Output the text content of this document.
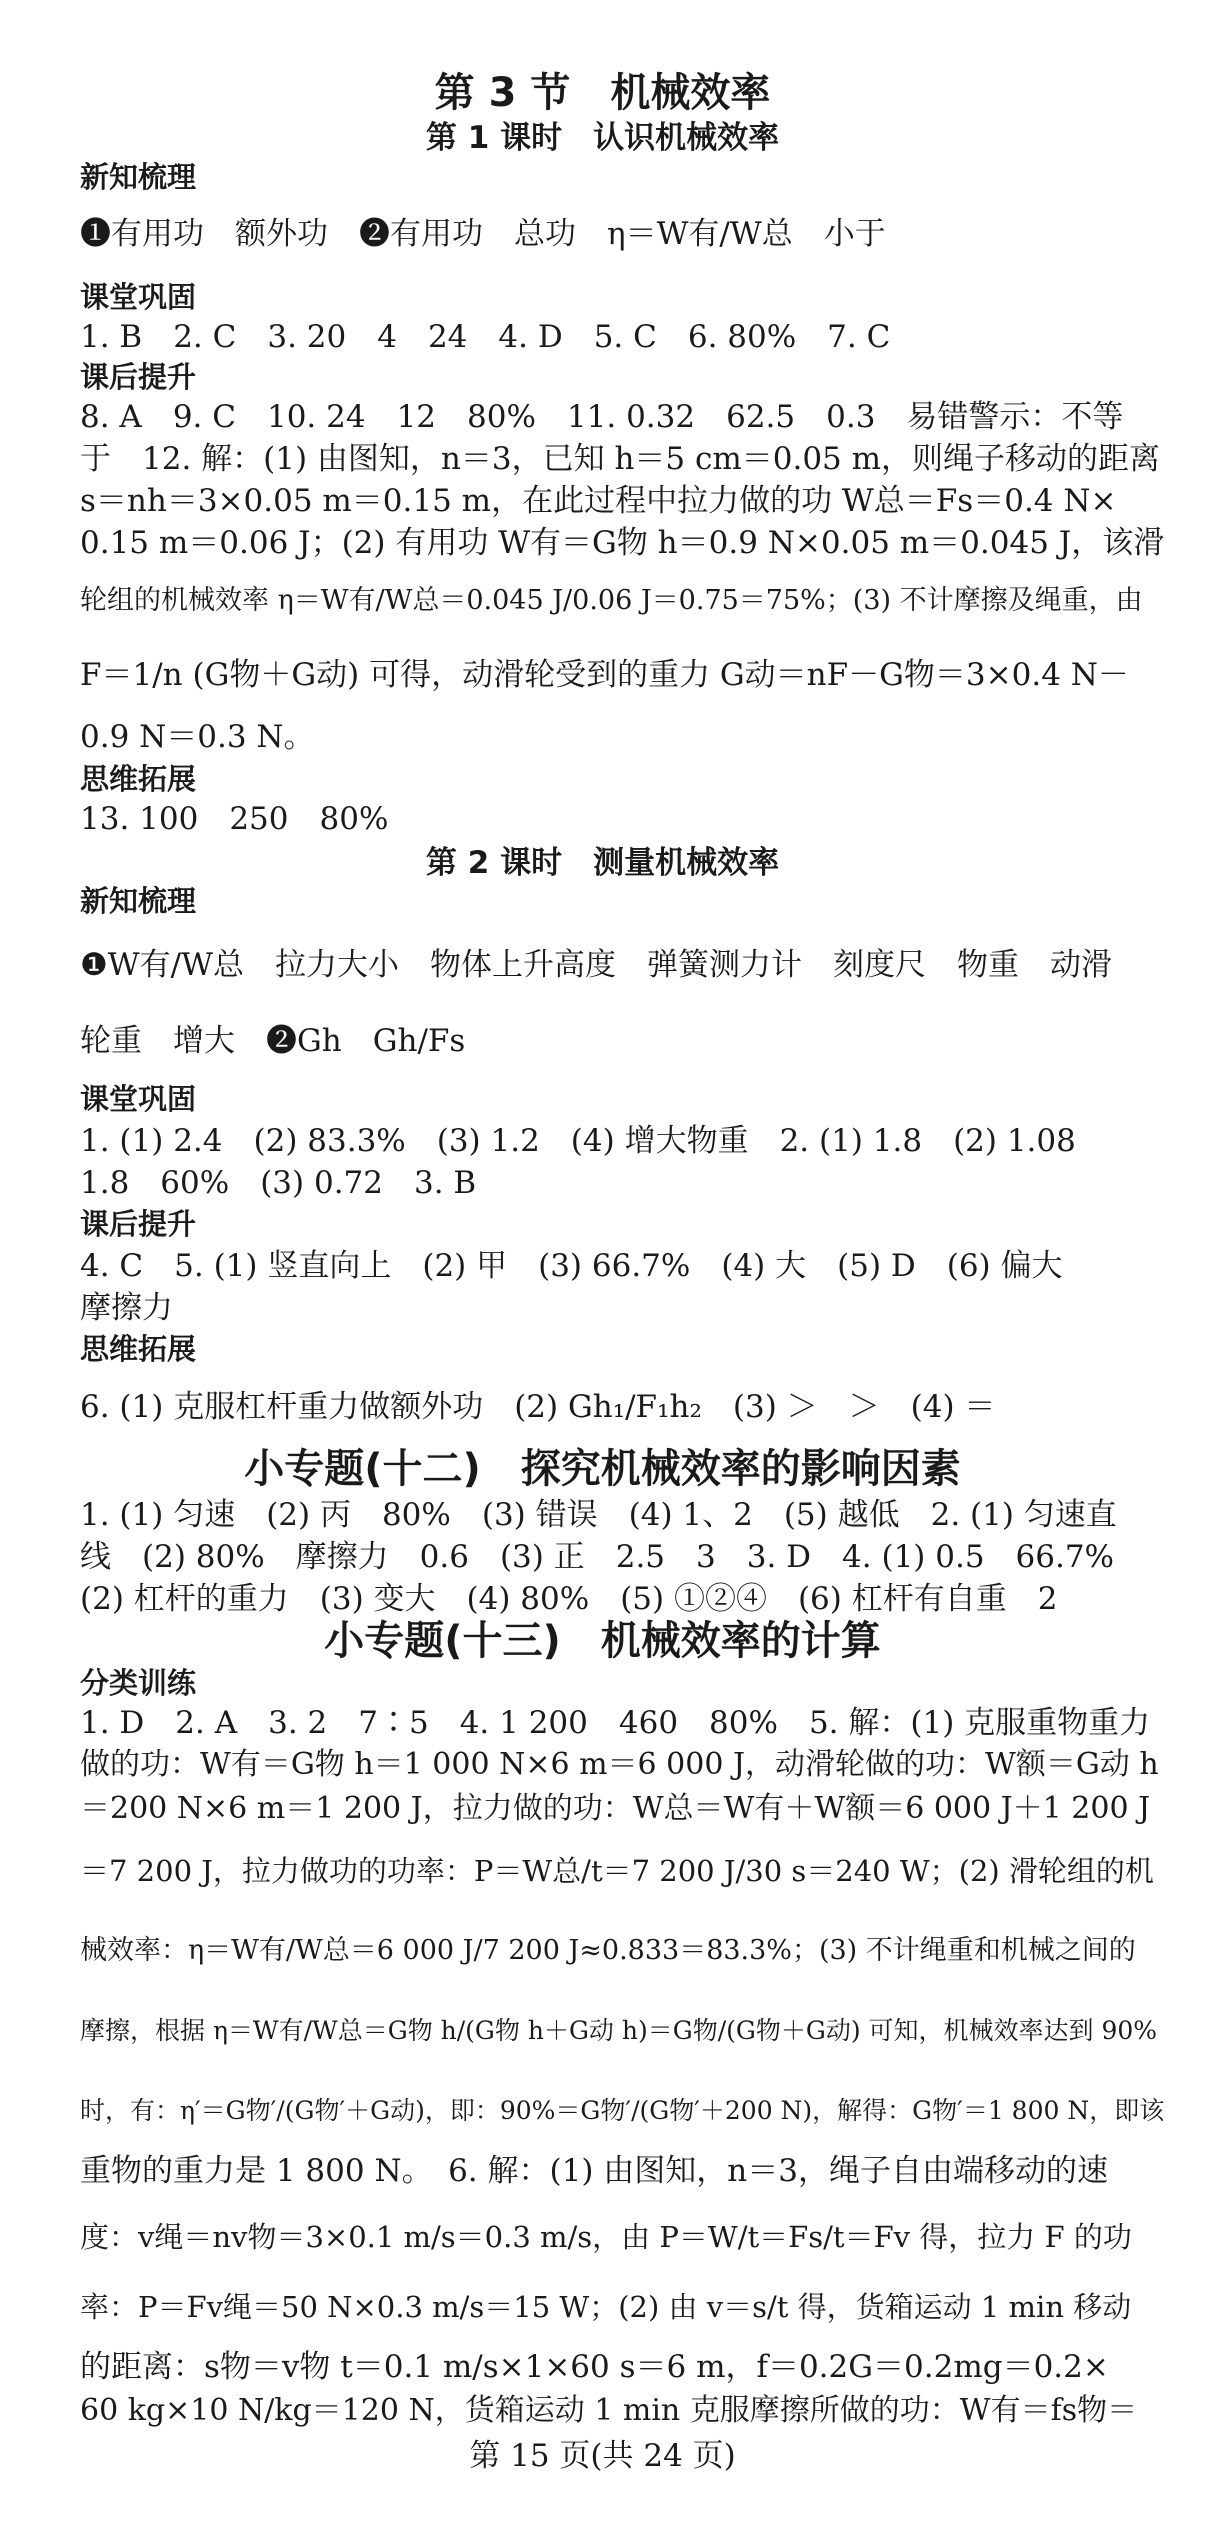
第 3 节　机械效率
第 1 课时　认识机械效率
新知梳理
❶有用功　额外功　❷有用功　总功　η＝W有/W总　小于
课堂巩固
1. B　2. C　3. 20　4　24　4. D　5. C　6. 80%　7. C
课后提升
8. A　9. C　10. 24　12　80%　11. 0.32　62.5　0.3　易错警示：不等
于　12. 解：(1) 由图知，n＝3，已知 h＝5 cm＝0.05 m，则绳子移动的距离
s＝nh＝3×0.05 m＝0.15 m，在此过程中拉力做的功 W总＝Fs＝0.4 N×
0.15 m＝0.06 J；(2) 有用功 W有＝G物 h＝0.9 N×0.05 m＝0.045 J，该滑
轮组的机械效率 η＝W有/W总＝0.045 J/0.06 J＝0.75＝75%；(3) 不计摩擦及绳重，由
F＝1/n (G物＋G动) 可得，动滑轮受到的重力 G动＝nF－G物＝3×0.4 N－
0.9 N＝0.3 N。
思维拓展
13. 100　250　80%
第 2 课时　测量机械效率
新知梳理
❶W有/W总　拉力大小　物体上升高度　弹簧测力计　刻度尺　物重　动滑
轮重　增大　❷Gh　Gh/Fs
课堂巩固
1. (1) 2.4　(2) 83.3%　(3) 1.2　(4) 增大物重　2. (1) 1.8　(2) 1.08
1.8　60%　(3) 0.72　3. B
课后提升
4. C　5. (1) 竖直向上　(2) 甲　(3) 66.7%　(4) 大　(5) D　(6) 偏大
摩擦力
思维拓展
6. (1) 克服杠杆重力做额外功　(2) Gh₁/F₁h₂　(3) ＞　＞　(4) ＝
小专题(十二)　探究机械效率的影响因素
1. (1) 匀速　(2) 丙　80%　(3) 错误　(4) 1、2　(5) 越低　2. (1) 匀速直
线　(2) 80%　摩擦力　0.6　(3) 正　2.5　3　3. D　4. (1) 0.5　66.7%
(2) 杠杆的重力　(3) 变大　(4) 80%　(5) ①②④　(6) 杠杆有自重　2
小专题(十三)　机械效率的计算
分类训练
1. D　2. A　3. 2　7∶5　4. 1 200　460　80%　5. 解：(1) 克服重物重力
做的功：W有＝G物 h＝1 000 N×6 m＝6 000 J，动滑轮做的功：W额＝G动 h
＝200 N×6 m＝1 200 J，拉力做的功：W总＝W有＋W额＝6 000 J＋1 200 J
＝7 200 J，拉力做功的功率：P＝W总/t＝7 200 J/30 s＝240 W；(2) 滑轮组的机
械效率：η＝W有/W总＝6 000 J/7 200 J≈0.833＝83.3%；(3) 不计绳重和机械之间的
摩擦，根据 η＝W有/W总＝G物 h/(G物 h＋G动 h)＝G物/(G物＋G动) 可知，机械效率达到 90%
时，有：η′＝G物′/(G物′＋G动)，即：90%＝G物′/(G物′＋200 N)，解得：G物′＝1 800 N，即该
重物的重力是 1 800 N。　6. 解：(1) 由图知，n＝3，绳子自由端移动的速
度：v绳＝nv物＝3×0.1 m/s＝0.3 m/s，由 P＝W/t＝Fs/t＝Fv 得，拉力 F 的功
率：P＝Fv绳＝50 N×0.3 m/s＝15 W；(2) 由 v＝s/t 得，货箱运动 1 min 移动
的距离：s物＝v物 t＝0.1 m/s×1×60 s＝6 m，f＝0.2G＝0.2mg＝0.2×
60 kg×10 N/kg＝120 N，货箱运动 1 min 克服摩擦所做的功：W有＝fs物＝
第 15 页(共 24 页)
